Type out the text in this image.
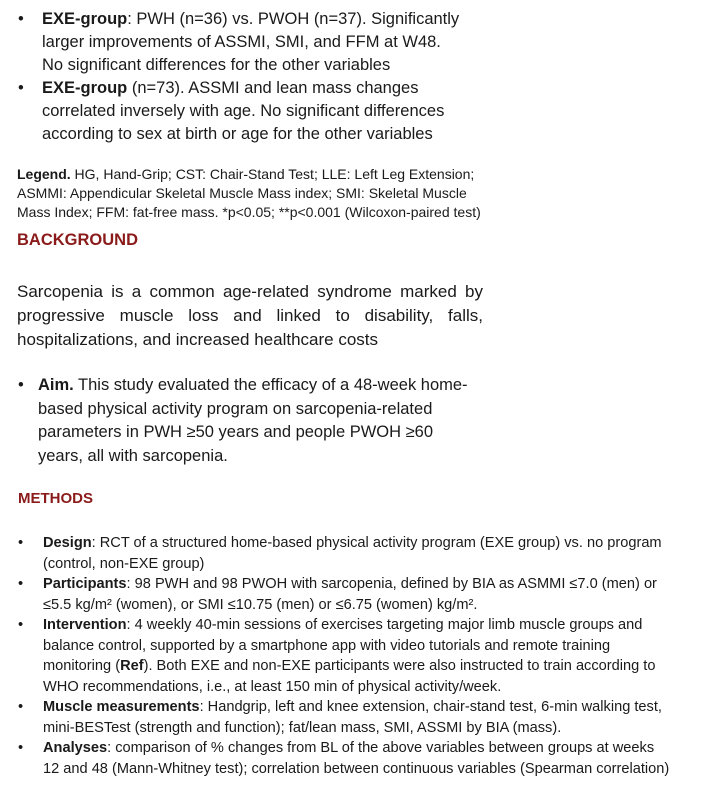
• EXE-group: PWH (n=36) vs. PWOH (n=37). Significantly
larger improvements of ASSMI, SMI, and FFM at W48.
No significant differences for the other variables
• EXE-group (n=73). ASSMI and lean mass changes
correlated inversely with age. No significant differences
according to sex at birth or age for the other variables
Legend. HG, Hand-Grip; CST: Chair-Stand Test; LLE: Left Leg Extension;
ASMMI: Appendicular Skeletal Muscle Mass index; SMI: Skeletal Muscle
Mass Index; FFM: fat-free mass. *p<0.05; **p<0.001 (Wilcoxon-paired test)
BACKGROUND
Sarcopenia is a common age-related syndrome marked by
progressive muscle loss and linked to disability, falls,
hospitalizations, and increased healthcare costs
• Aim. This study evaluated the efficacy of a 48-week home-
based physical activity program on sarcopenia-related
parameters in PWH ≥50 years and people PWOH ≥60
years, all with sarcopenia.
METHODS
• Design: RCT of a structured home-based physical activity program (EXE group) vs. no program
(control, non-EXE group)
• Participants: 98 PWH and 98 PWOH with sarcopenia, defined by BIA as ASMMI ≤7.0 (men) or
≤5.5 kg/m² (women), or SMI ≤10.75 (men) or ≤6.75 (women) kg/m².
• Intervention: 4 weekly 40-min sessions of exercises targeting major limb muscle groups and
balance control, supported by a smartphone app with video tutorials and remote training
monitoring (Ref). Both EXE and non-EXE participants were also instructed to train according to
WHO recommendations, i.e., at least 150 min of physical activity/week.
• Muscle measurements: Handgrip, left and knee extension, chair-stand test, 6-min walking test,
mini-BESTest (strength and function); fat/lean mass, SMI, ASSMI by BIA (mass).
• Analyses: comparison of % changes from BL of the above variables between groups at weeks
12 and 48 (Mann-Whitney test); correlation between continuous variables (Spearman correlation)
